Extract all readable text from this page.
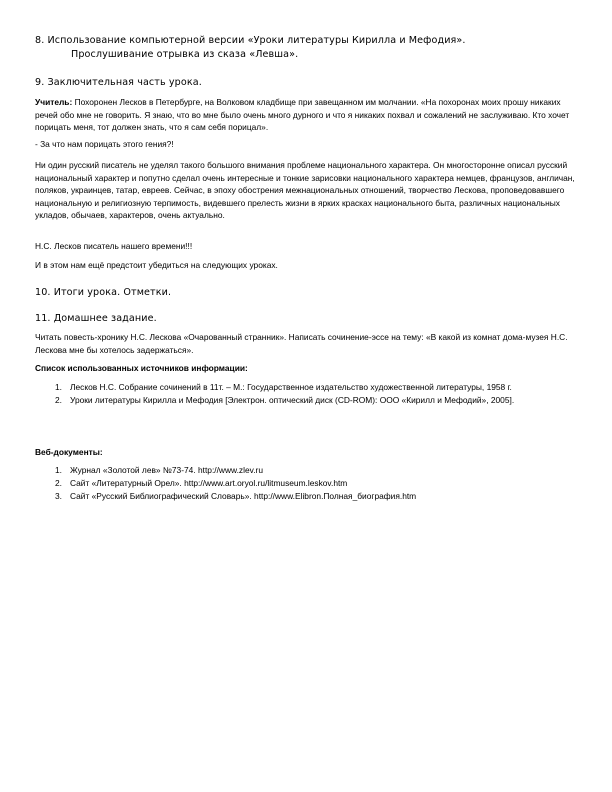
8. Использование компьютерной версии «Уроки литературы Кирилла и Мефодия».
Прослушивание отрывка из сказа «Левша».

9. Заключительная часть урока.

Учитель: Похоронен Лесков в Петербурге, на Волковом кладбище при завещанном им молчании. «На похоронах моих прошу никаких речей обо мне не говорить. Я знаю, что во мне было очень много дурного и что я никаких похвал и сожалений не заслуживаю. Кто хочет порицать меня, тот должен знать, что я сам себя порицал».

- За что нам порицать этого гения?!

Ни один русский писатель не уделял такого большого внимания проблеме национального характера. Он многосторонне описал русский национальный характер и попутно сделал очень интересные и тонкие зарисовки национального характера немцев, французов, англичан, поляков, украинцев, татар, евреев. Сейчас, в эпоху обострения межнациональных отношений, творчество Лескова, проповедовавшего национальную и религиозную терпимость, видевшего прелесть жизни в ярких красках национального быта, различных национальных укладов, обычаев, характеров, очень актуально.

Н.С. Лесков писатель нашего времени!!!

И в этом нам ещё предстоит убедиться на следующих уроках.

10. Итоги урока. Отметки.

11. Домашнее задание.

Читать повесть-хронику Н.С. Лескова «Очарованный странник». Написать сочинение-эссе на тему: «В какой из комнат дома-музея Н.С. Лескова мне бы хотелось задержаться».

Список использованных источников информации:

1. Лесков Н.С. Собрание сочинений в 11т. – М.: Государственное издательство художественной литературы, 1958 г.
2. Уроки литературы Кирилла и Мефодия [Электрон. оптический диск (CD-ROM): ООО «Кирилл и Мефодий», 2005].

Веб-документы:

1. Журнал «Золотой лев» №73-74. http://www.zlev.ru
2. Сайт «Литературный Орел». http://www.art.oryol.ru/litmuseum.leskov.htm
3. Сайт «Русский Библиографический Словарь». http://www.Elibron.Полная_биография.htm
